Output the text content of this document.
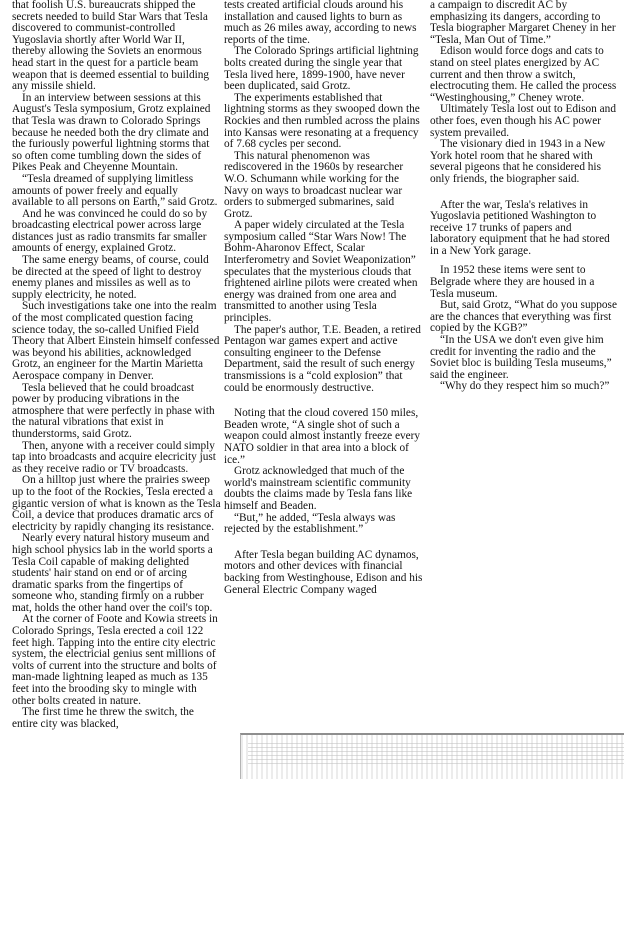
that foolish U.S. bureaucrats shipped the secrets needed to build Star Wars that Tesla discovered to communist-controlled Yugoslavia shortly after World War II, thereby allowing the Soviets an enormous head start in the quest for a particle beam weapon that is deemed essential to building any missile shield.

In an interview between sessions at this August's Tesla symposium, Grotz explained that Tesla was drawn to Colorado Springs because he needed both the dry climate and the furiously powerful lightning storms that so often come tumbling down the sides of Pikes Peak and Cheyenne Mountain.

“Tesla dreamed of supplying limitless amounts of power freely and equally available to all persons on Earth,” said Grotz.

And he was convinced he could do so by broadcasting electrical power across large distances just as radio transmits far smaller amounts of energy, explained Grotz.

The same energy beams, of course, could be directed at the speed of light to destroy enemy planes and missiles as well as to supply electricity, he noted.

Such investigations take one into the realm of the most complicated question facing science today, the so-called Unified Field Theory that Albert Einstein himself confessed was beyond his abilities, acknowledged Grotz, an engineer for the Martin Marietta Aerospace company in Denver.

Tesla believed that he could broadcast power by producing vibrations in the atmosphere that were perfectly in phase with the natural vibrations that exist in thunderstorms, said Grotz.

Then, anyone with a receiver could simply tap into broadcasts and acquire elecricity just as they receive radio or TV broadcasts.

On a hilltop just where the prairies sweep up to the foot of the Rockies, Tesla erected a gigantic version of what is known as the Tesla Coil, a device that produces dramatic arcs of electricity by rapidly changing its resistance.

Nearly every natural history museum and high school physics lab in the world sports a Tesla Coil capable of making delighted students' hair stand on end or of arcing dramatic sparks from the fingertips of someone who, standing firmly on a rubber mat, holds the other hand over the coil's top.

At the corner of Foote and Kowia streets in Colorado Springs, Tesla erected a coil 122 feet high. Tapping into the entire city electric system, the electricial genius sent millions of volts of current into the structure and bolts of man-made lightning leaped as much as 135 feet into the brooding sky to mingle with other bolts created in nature.

The first time he threw the switch, the entire city was blacked,

tests created artificial clouds around his installation and caused lights to burn as much as 26 miles away, according to news reports of the time.

The Colorado Springs artificial lightning bolts created during the single year that Tesla lived here, 1899-1900, have never been duplicated, said Grotz.

The experiments established that lightning storms as they swooped down the Rockies and then rumbled across the plains into Kansas were resonating at a frequency of 7.68 cycles per second.

This natural phenomenon was rediscovered in the 1960s by researcher W.O. Schumann while working for the Navy on ways to broadcast nuclear war orders to submerged submarines, said Grotz.

A paper widely circulated at the Tesla symposium called “Star Wars Now! The Bohm-Aharonov Effect, Scalar Interferometry and Soviet Weaponization” speculates that the mysterious clouds that frightened airline pilots were created when energy was drained from one area and transmitted to another using Tesla principles.

The paper's author, T.E. Beaden, a retired Pentagon war games expert and active consulting engineer to the Defense Department, said the result of such energy transmissions is a “cold explosion” that could be enormously destructive.

Noting that the cloud covered 150 miles, Beaden wrote, “A single shot of such a weapon could almost instantly freeze every NATO soldier in that area into a block of ice.”

Grotz acknowledged that much of the world's mainstream scientific community doubts the claims made by Tesla fans like himself and Beaden.

“But,” he added, “Tesla always was rejected by the establishment.”

After Tesla began building AC dynamos, motors and other devices with financial backing from Westinghouse, Edison and his General Electric Company waged

a campaign to discredit AC by emphasizing its dangers, according to Tesla biographer Margaret Cheney in her “Tesla, Man Out of Time.”

Edison would force dogs and cats to stand on steel plates energized by AC current and then throw a switch, electrocuting them. He called the process “Westinghousing,” Cheney wrote.

Ultimately Tesla lost out to Edison and other foes, even though his AC power system prevailed.

The visionary died in 1943 in a New York hotel room that he shared with several pigeons that he considered his only friends, the biographer said.

After the war, Tesla's relatives in Yugoslavia petitioned Washington to receive 17 trunks of papers and laboratory equipment that he had stored in a New York garage.

In 1952 these items were sent to Belgrade where they are housed in a Tesla museum.

But, said Grotz, “What do you suppose are the chances that everything was first copied by the KGB?”

“In the USA we don't even give him credit for inventing the radio and the Soviet bloc is building Tesla museums,” said the engineer.

“Why do they respect him so much?”
